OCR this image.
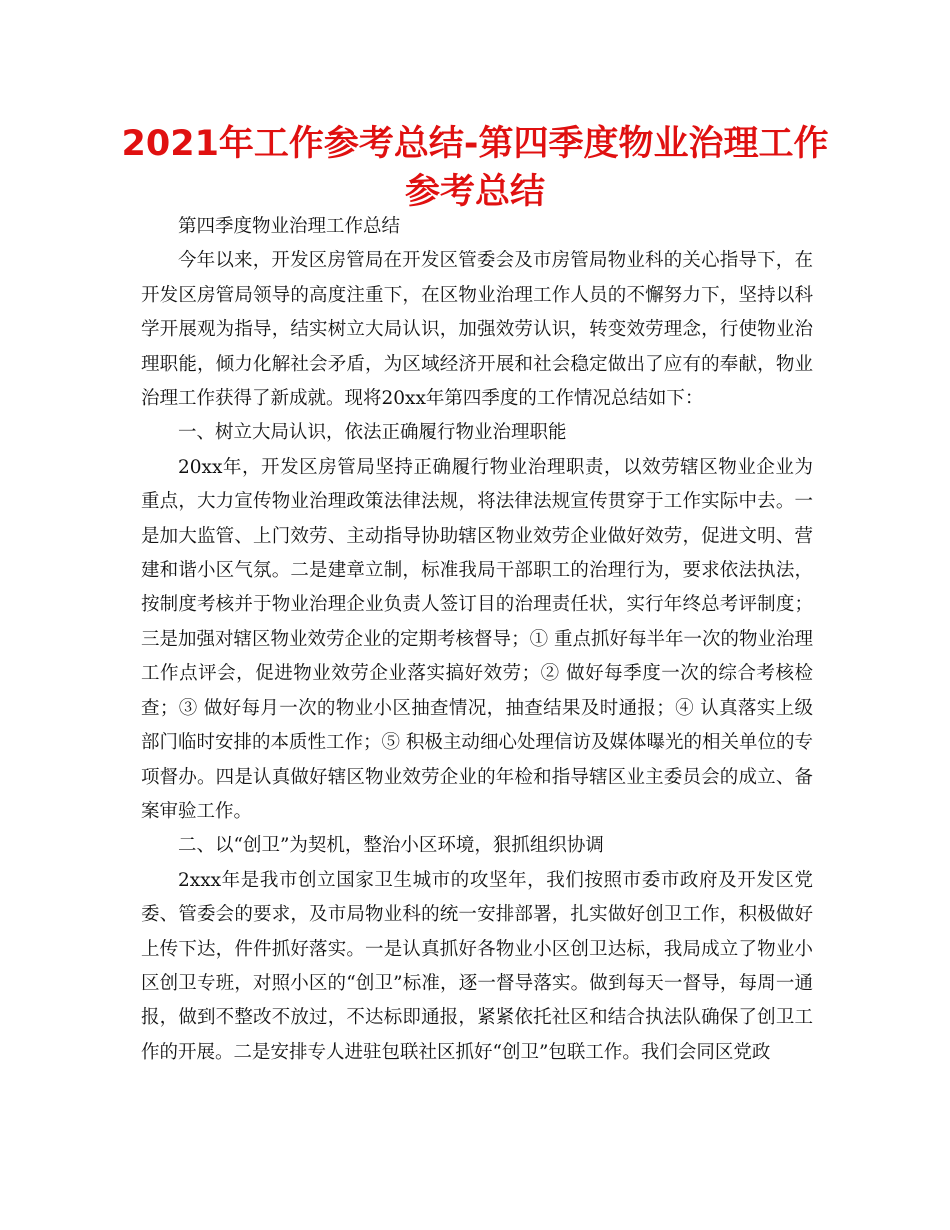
2021年工作参考总结-第四季度物业治理工作参考总结

第四季度物业治理工作总结

今年以来，开发区房管局在开发区管委会及市房管局物业科的关心指导下，在开发区房管局领导的高度注重下，在区物业治理工作人员的不懈努力下，坚持以科学开展观为指导，结实树立大局认识，加强效劳认识，转变效劳理念，行使物业治理职能，倾力化解社会矛盾，为区域经济开展和社会稳定做出了应有的奉献，物业治理工作获得了新成就。现将20xx年第四季度的工作情况总结如下：

一、树立大局认识，依法正确履行物业治理职能

20xx年，开发区房管局坚持正确履行物业治理职责，以效劳辖区物业企业为重点，大力宣传物业治理政策法律法规，将法律法规宣传贯穿于工作实际中去。一是加大监管、上门效劳、主动指导协助辖区物业效劳企业做好效劳，促进文明、营建和谐小区气氛。二是建章立制，标准我局干部职工的治理行为，要求依法执法，按制度考核并于物业治理企业负责人签订目的治理责任状，实行年终总考评制度；三是加强对辖区物业效劳企业的定期考核督导；① 重点抓好每半年一次的物业治理工作点评会，促进物业效劳企业落实搞好效劳；② 做好每季度一次的综合考核检查；③ 做好每月一次的物业小区抽查情况，抽查结果及时通报；④ 认真落实上级部门临时安排的本质性工作；⑤ 积极主动细心处理信访及媒体曝光的相关单位的专项督办。四是认真做好辖区物业效劳企业的年检和指导辖区业主委员会的成立、备案审验工作。

二、以“创卫”为契机，整治小区环境，狠抓组织协调

2xxx年是我市创立国家卫生城市的攻坚年，我们按照市委市政府及开发区党委、管委会的要求，及市局物业科的统一安排部署，扎实做好创卫工作，积极做好上传下达，件件抓好落实。一是认真抓好各物业小区创卫达标，我局成立了物业小区创卫专班，对照小区的“创卫”标准，逐一督导落实。做到每天一督导，每周一通报，做到不整改不放过，不达标即通报，紧紧依托社区和结合执法队确保了创卫工作的开展。二是安排专人进驻包联社区抓好“创卫”包联工作。我们会同区党政
